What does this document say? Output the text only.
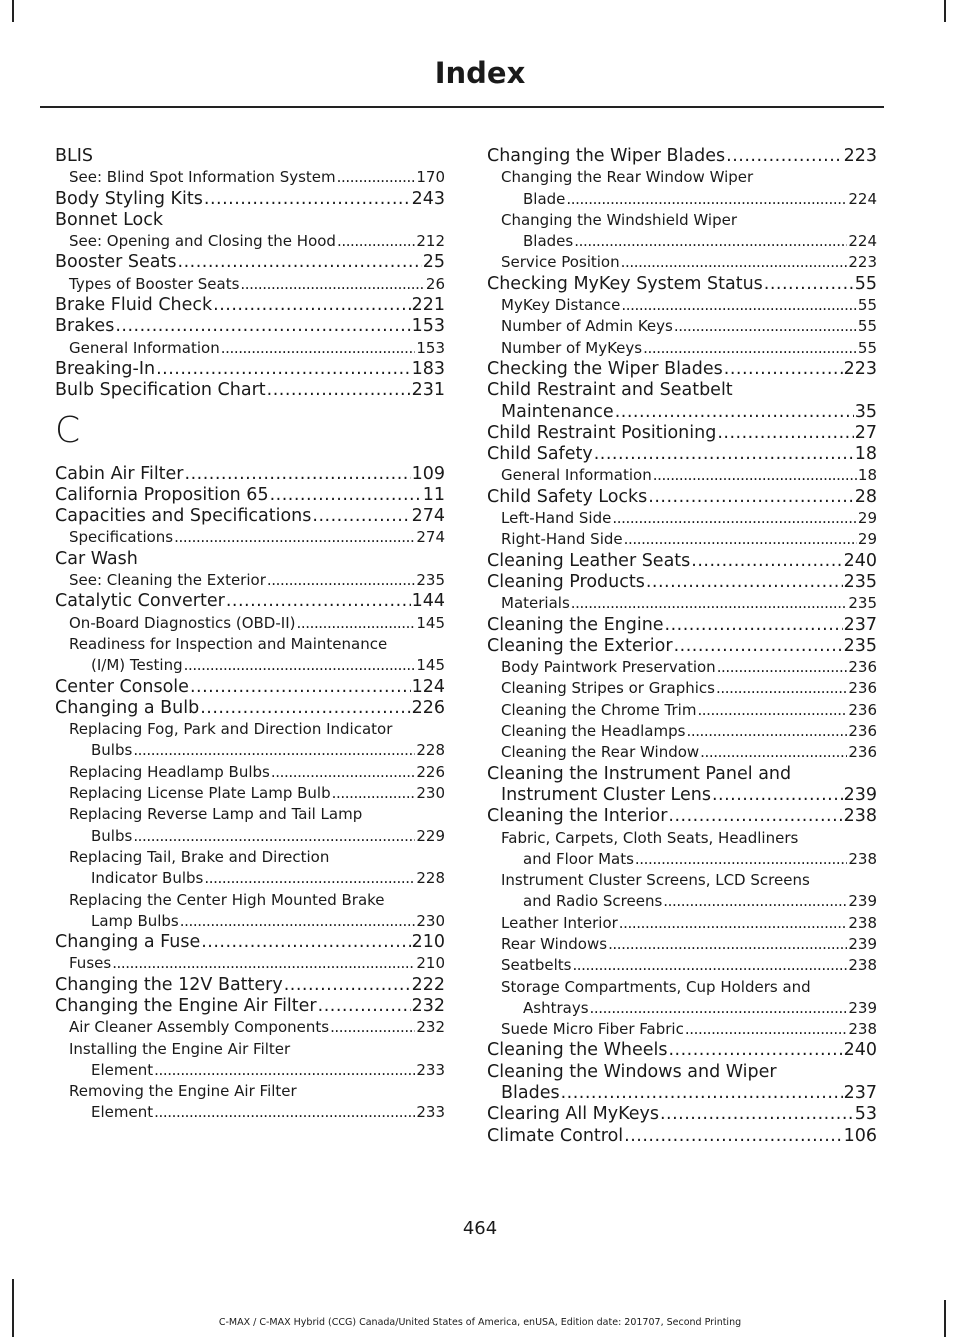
Index
BLIS
See: Blind Spot Information System .....	170
Body Styling Kits .....	243
Bonnet Lock
See: Opening and Closing the Hood .....	212
Booster Seats .....	25
Types of Booster Seats .....	26
Brake Fluid Check .....	221
Brakes .....	153
General Information .....	153
Breaking-In .....	183
Bulb Specification Chart .....	231
C
Cabin Air Filter .....	109
California Proposition 65 .....	11
Capacities and Specifications .....	274
Specifications .....	274
Car Wash
See: Cleaning the Exterior .....	235
Catalytic Converter .....	144
On-Board Diagnostics (OBD-II) .....	145
Readiness for Inspection and Maintenance
(I/M) Testing .....	145
Center Console .....	124
Changing a Bulb .....	226
Replacing Fog, Park and Direction Indicator
Bulbs .....	228
Replacing Headlamp Bulbs .....	226
Replacing License Plate Lamp Bulb .....	230
Replacing Reverse Lamp and Tail Lamp
Bulbs .....	229
Replacing Tail, Brake and Direction
Indicator Bulbs .....	228
Replacing the Center High Mounted Brake
Lamp Bulbs .....	230
Changing a Fuse .....	210
Fuses .....	210
Changing the 12V Battery .....	222
Changing the Engine Air Filter .....	232
Air Cleaner Assembly Components .....	232
Installing the Engine Air Filter
Element .....	233
Removing the Engine Air Filter
Element .....	233
Changing the Wiper Blades .....	223
Changing the Rear Window Wiper
Blade .....	224
Changing the Windshield Wiper
Blades .....	224
Service Position .....	223
Checking MyKey System Status .....	55
MyKey Distance .....	55
Number of Admin Keys .....	55
Number of MyKeys .....	55
Checking the Wiper Blades .....	223
Child Restraint and Seatbelt
Maintenance .....	35
Child Restraint Positioning .....	27
Child Safety .....	18
General Information .....	18
Child Safety Locks .....	28
Left-Hand Side .....	29
Right-Hand Side .....	29
Cleaning Leather Seats .....	240
Cleaning Products .....	235
Materials .....	235
Cleaning the Engine .....	237
Cleaning the Exterior .....	235
Body Paintwork Preservation .....	236
Cleaning Stripes or Graphics .....	236
Cleaning the Chrome Trim .....	236
Cleaning the Headlamps .....	236
Cleaning the Rear Window .....	236
Cleaning the Instrument Panel and
Instrument Cluster Lens .....	239
Cleaning the Interior .....	238
Fabric, Carpets, Cloth Seats, Headliners
and Floor Mats .....	238
Instrument Cluster Screens, LCD Screens
and Radio Screens .....	239
Leather Interior .....	238
Rear Windows .....	239
Seatbelts .....	238
Storage Compartments, Cup Holders and
Ashtrays .....	239
Suede Micro Fiber Fabric .....	238
Cleaning the Wheels .....	240
Cleaning the Windows and Wiper
Blades .....	237
Clearing All MyKeys .....	53
Climate Control .....	106
464
C-MAX / C-MAX Hybrid (CCG) Canada/United States of America, enUSA, Edition date: 201707, Second Printing
